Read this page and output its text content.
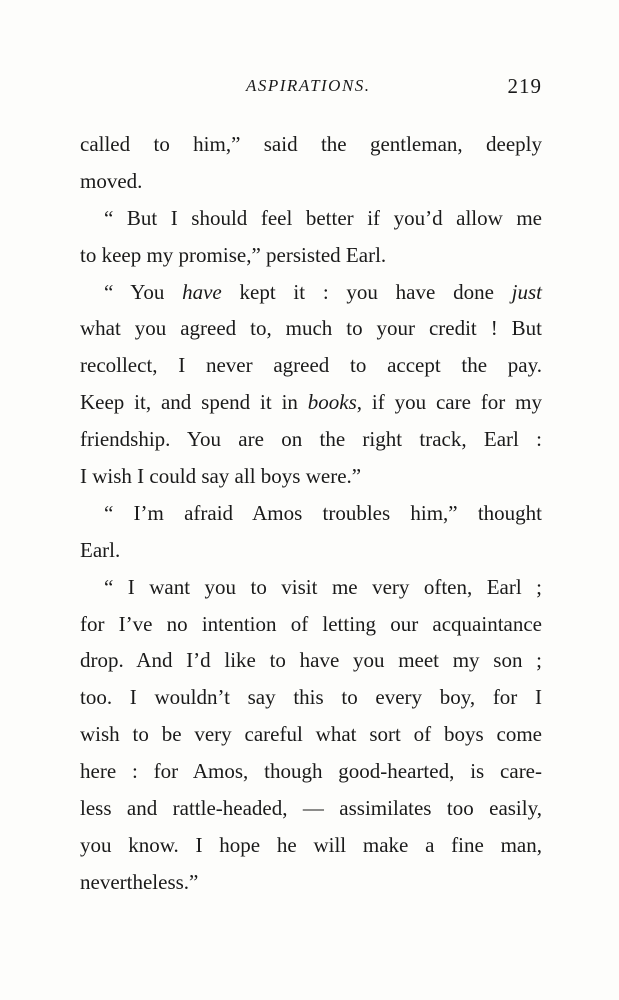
ASPIRATIONS.	219
called to him,” said the gentleman, deeply
moved.
“ But I should feel better if you’d allow me
to keep my promise,” persisted Earl.
“ You have kept it : you have done just
what you agreed to, much to your credit ! But
recollect, I never agreed to accept the pay.
Keep it, and spend it in books, if you care for my
friendship. You are on the right track, Earl :
I wish I could say all boys were.”
“ I’m afraid Amos troubles him,” thought
Earl.
“ I want you to visit me very often, Earl ;
for I’ve no intention of letting our acquaintance
drop. And I’d like to have you meet my son ;
too. I wouldn’t say this to every boy, for I
wish to be very careful what sort of boys come
here : for Amos, though good-hearted, is care-
less and rattle-headed, — assimilates too easily,
you know. I hope he will make a fine man,
nevertheless.”
